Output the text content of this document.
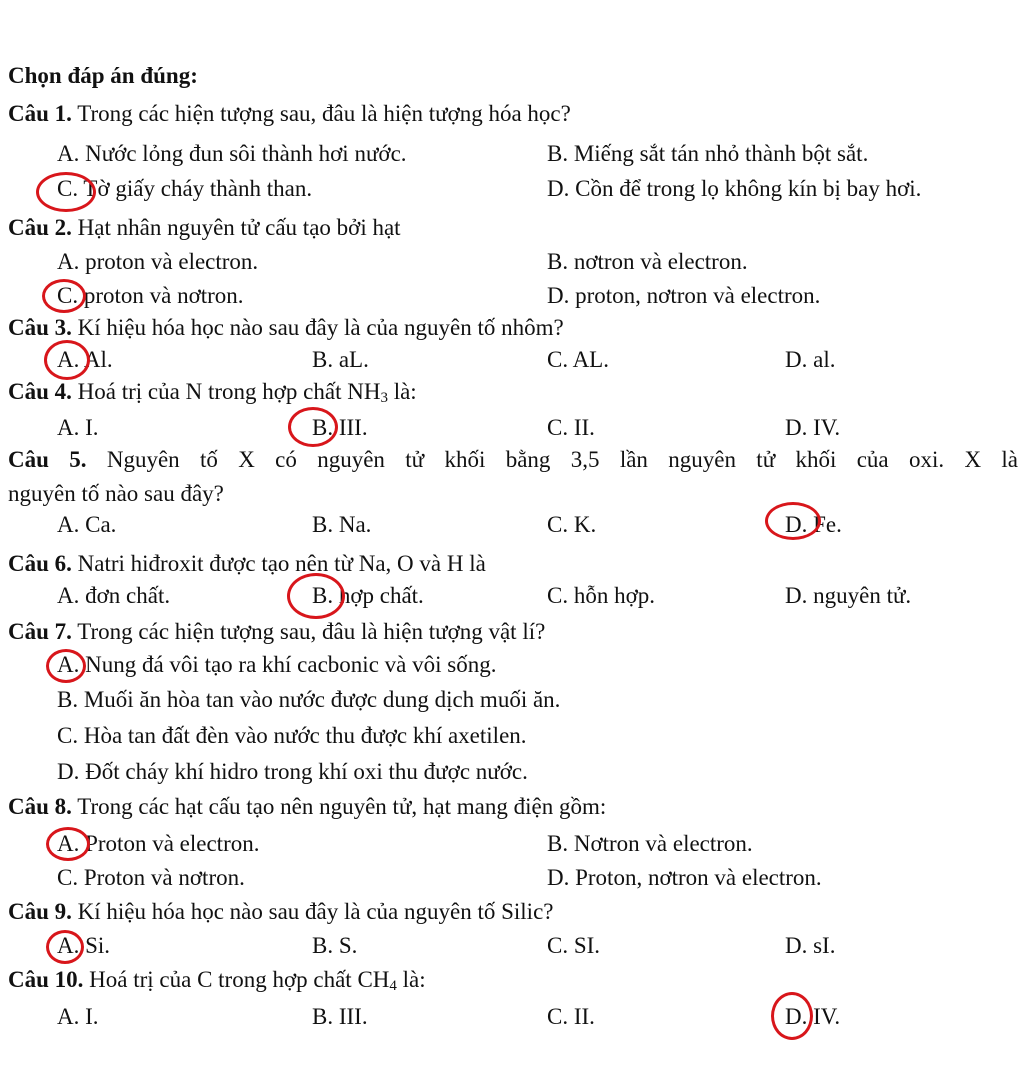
Chọn đáp án đúng:
Câu 1. Trong các hiện tượng sau, đâu là hiện tượng hóa học?
A. Nước lỏng đun sôi thành hơi nước.	B. Miếng sắt tán nhỏ thành bột sắt.
C. Tờ giấy cháy thành than.	D. Cồn để trong lọ không kín bị bay hơi.
Câu 2. Hạt nhân nguyên tử cấu tạo bởi hạt
A. proton và electron.	B. nơtron và electron.
C. proton và nơtron.	D. proton, nơtron và electron.
Câu 3. Kí hiệu hóa học nào sau đây là của nguyên tố nhôm?
A. Al.	B. aL.	C. AL.	D. al.
Câu 4. Hoá trị của N trong hợp chất $NH_3$ là:
A. I.	B. III.	C. II.	D. IV.
Câu 5. Nguyên tố X có nguyên tử khối bằng 3,5 lần nguyên tử khối của oxi. X là
nguyên tố nào sau đây?
A. Ca.	B. Na.	C. K.	D. Fe.
Câu 6. Natri hiđroxit được tạo nên từ Na, O và H là
A. đơn chất.	B. hợp chất.	C. hỗn hợp.	D. nguyên tử.
Câu 7. Trong các hiện tượng sau, đâu là hiện tượng vật lí?
A. Nung đá vôi tạo ra khí cacbonic và vôi sống.
B. Muối ăn hòa tan vào nước được dung dịch muối ăn.
C. Hòa tan đất đèn vào nước thu được khí axetilen.
D. Đốt cháy khí hidro trong khí oxi thu được nước.
Câu 8. Trong các hạt cấu tạo nên nguyên tử, hạt mang điện gồm:
A. Proton và electron.	B. Nơtron và electron.
C. Proton và nơtron.	D. Proton, nơtron và electron.
Câu 9. Kí hiệu hóa học nào sau đây là của nguyên tố Silic?
A. Si.	B. S.	C. SI.	D. sI.
Câu 10. Hoá trị của C trong hợp chất $CH_4$ là:
A. I.	B. III.	C. II.	D. IV.
